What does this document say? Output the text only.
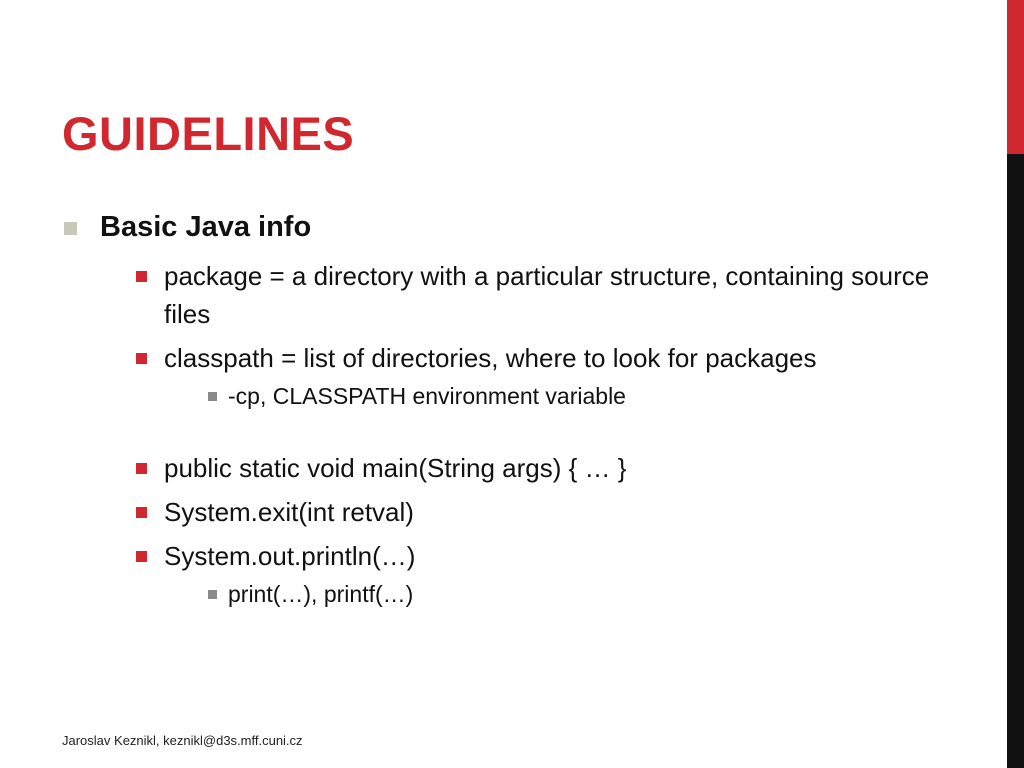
GUIDELINES
Basic Java info
package = a directory with a particular structure, containing source files
classpath = list of directories, where to look for packages
-cp, CLASSPATH environment variable
public static void main(String args) { … }
System.exit(int retval)
System.out.println(…)
print(…), printf(…)
Jaroslav Keznikl, keznikl@d3s.mff.cuni.cz
